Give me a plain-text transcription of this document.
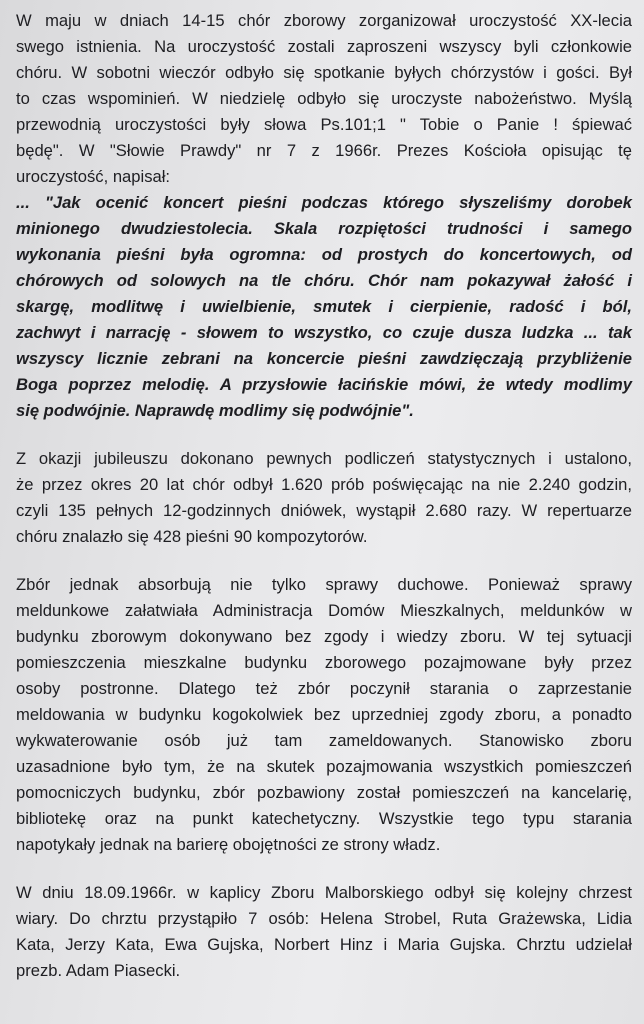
W maju w dniach 14-15 chór zborowy zorganizował uroczystość XX-lecia
swego istnienia. Na uroczystość zostali zaproszeni wszyscy byli członkowie
chóru. W sobotni wieczór odbyło się spotkanie byłych chórzystów i gości. Był
to czas wspominień. W niedzielę odbyło się uroczyste nabożeństwo. Myślą
przewodnią uroczystości były słowa Ps.101;1 " Tobie o Panie ! śpiewać
będę". W "Słowie Prawdy" nr 7 z 1966r. Prezes Kościoła opisując tę
uroczystość, napisał:

... "Jak ocenić koncert pieśni podczas którego słyszeliśmy dorobek
minionego dwudziestolecia. Skala rozpiętości trudności i samego
wykonania pieśni była ogromna: od prostych do koncertowych, od
chórowych od solowych na tle chóru. Chór nam pokazywał żałość i
skargę, modlitwę i uwielbienie, smutek i cierpienie, radość i ból,
zachwyt i narrację - słowem to wszystko, co czuje dusza ludzka ... tak
wszyscy licznie zebrani na koncercie pieśni zawdzięczają przybliżenie
Boga poprzez melodię. A przysłowie łacińskie mówi, że wtedy modlimy
się podwójnie. Naprawdę modlimy się podwójnie".

Z okazji jubileuszu dokonano pewnych podliczeń statystycznych i ustalono,
że przez okres 20 lat chór odbył 1.620 prób poświęcając na nie 2.240 godzin,
czyli 135 pełnych 12-godzinnych dniówek, wystąpił 2.680 razy. W repertuarze
chóru znalazło się 428 pieśni 90 kompozytorów.

Zbór jednak absorbują nie tylko sprawy duchowe. Ponieważ sprawy
meldunkowe załatwiała Administracja Domów Mieszkalnych, meldunków w
budynku zborowym dokonywano bez zgody i wiedzy zboru. W tej sytuacji
pomieszczenia mieszkalne budynku zborowego pozajmowane były przez
osoby postronne. Dlatego też zbór poczynił starania o zaprzestanie
meldowania w budynku kogokolwiek bez uprzedniej zgody zboru, a ponadto
wykwaterowanie osób już tam zameldowanych. Stanowisko zboru
uzasadnione było tym, że na skutek pozajmowania wszystkich pomieszczeń
pomocniczych budynku, zbór pozbawiony został pomieszczeń na kancelarię,
bibliotekę oraz na punkt katechetyczny. Wszystkie tego typu starania
napotykały jednak na barierę obojętności ze strony władz.

W dniu 18.09.1966r. w kaplicy Zboru Malborskiego odbył się kolejny chrzest
wiary. Do chrztu przystąpiło 7 osób: Helena Strobel, Ruta Grażewska, Lidia
Kata, Jerzy Kata, Ewa Gujska, Norbert Hinz i Maria Gujska. Chrztu udzielał
prezb. Adam Piasecki.
